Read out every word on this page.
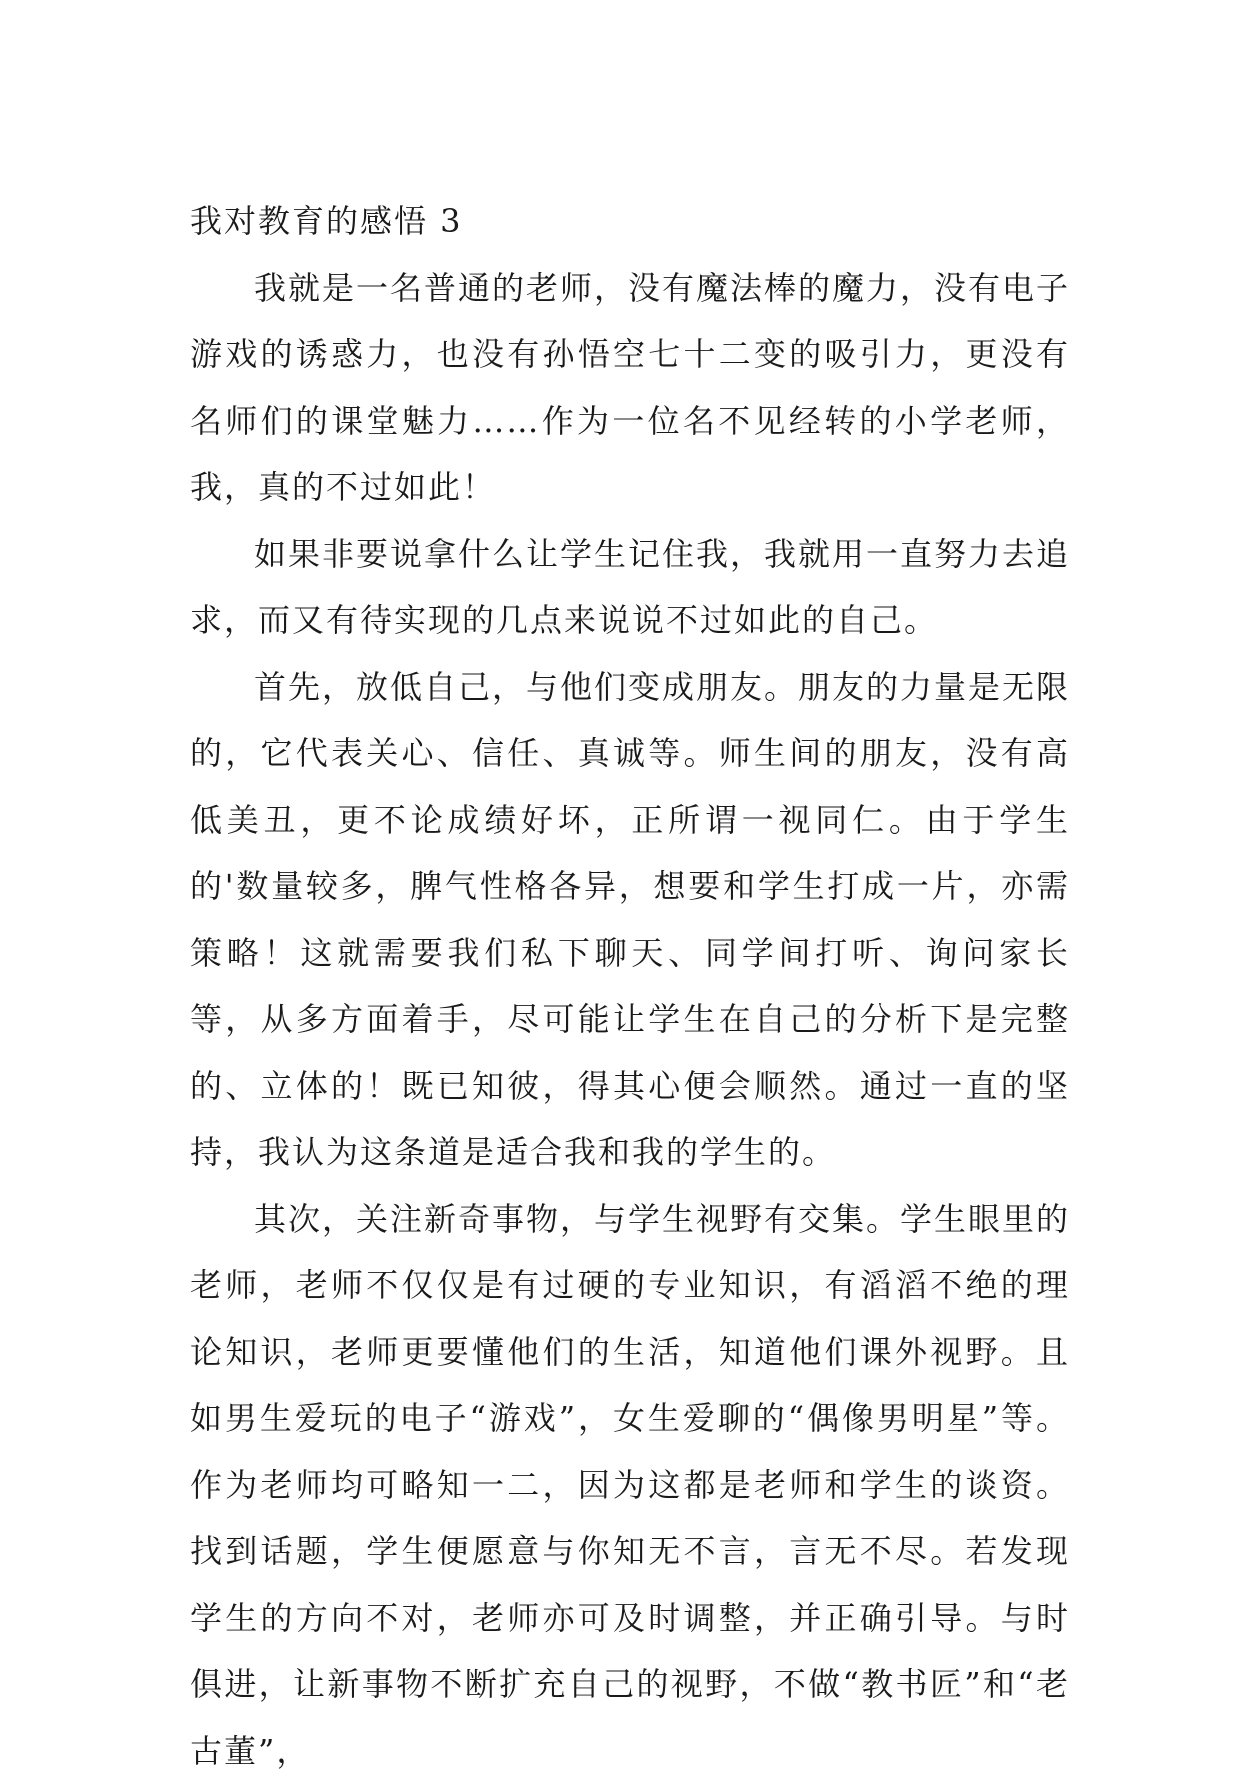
我对教育的感悟 3

我就是一名普通的老师，没有魔法棒的魔力，没有电子游戏的诱惑力，也没有孙悟空七十二变的吸引力，更没有名师们的课堂魅力……作为一位名不见经转的小学老师，我，真的不过如此！

如果非要说拿什么让学生记住我，我就用一直努力去追求，而又有待实现的几点来说说不过如此的自己。

首先，放低自己，与他们变成朋友。朋友的力量是无限的，它代表关心、信任、真诚等。师生间的朋友，没有高低美丑，更不论成绩好坏，正所谓一视同仁。由于学生的'数量较多，脾气性格各异，想要和学生打成一片，亦需策略！这就需要我们私下聊天、同学间打听、询问家长等，从多方面着手，尽可能让学生在自己的分析下是完整的、立体的！既已知彼，得其心便会顺然。通过一直的坚持，我认为这条道是适合我和我的学生的。

其次，关注新奇事物，与学生视野有交集。学生眼里的老师，老师不仅仅是有过硬的专业知识，有滔滔不绝的理论知识，老师更要懂他们的生活，知道他们课外视野。且如男生爱玩的电子“游戏”，女生爱聊的“偶像男明星”等。作为老师均可略知一二，因为这都是老师和学生的谈资。找到话题，学生便愿意与你知无不言，言无不尽。若发现学生的方向不对，老师亦可及时调整，并正确引导。与时俱进，让新事物不断扩充自己的视野，不做“教书匠”和“老古董”，
